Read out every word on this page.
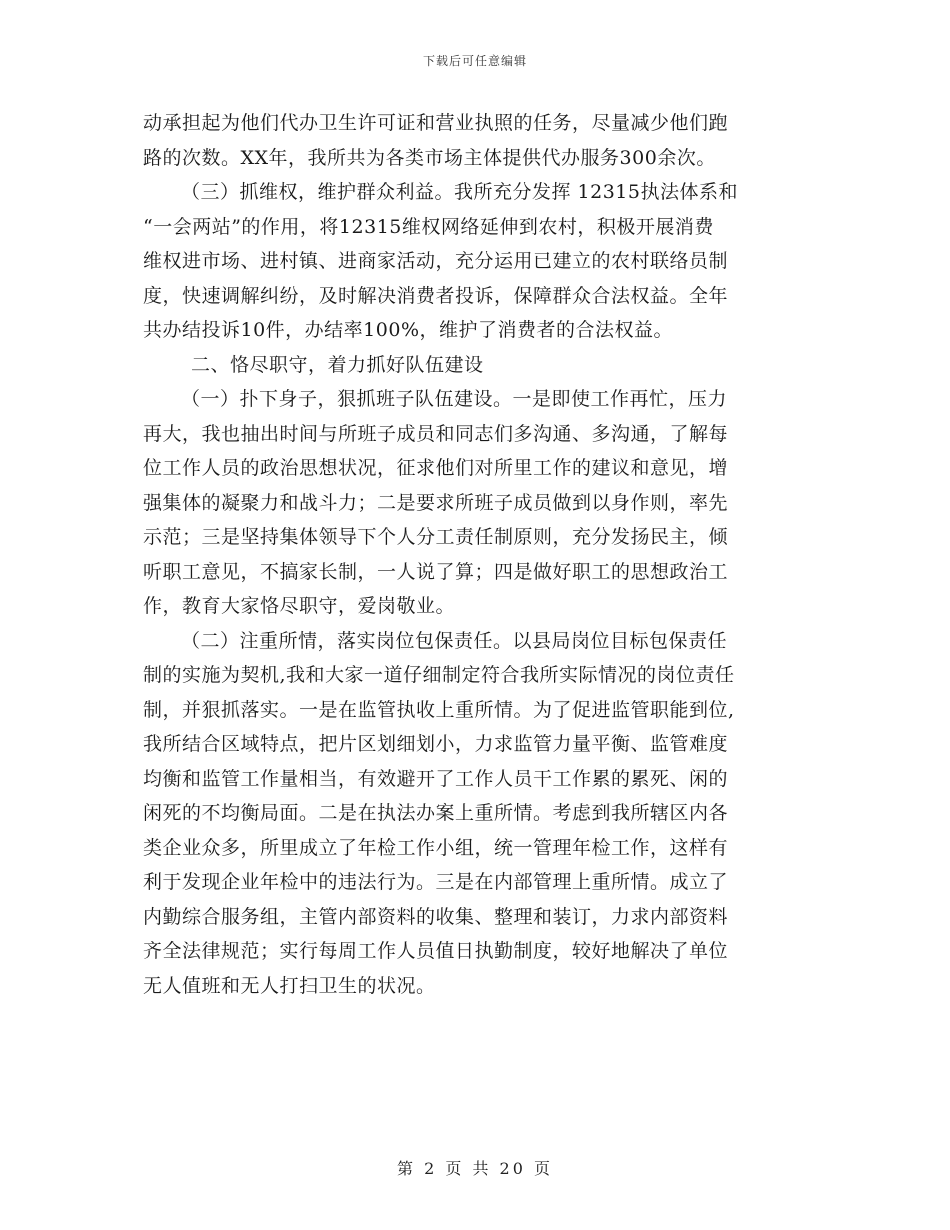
下载后可任意编辑
动承担起为他们代办卫生许可证和营业执照的任务，尽量减少他们跑
路的次数。XX年，我所共为各类市场主体提供代办服务300余次。
（三）抓维权，维护群众利益。我所充分发挥 12315执法体系和
“一会两站”的作用，将12315维权网络延伸到农村，积极开展消费
维权进市场、进村镇、进商家活动，充分运用已建立的农村联络员制
度，快速调解纠纷，及时解决消费者投诉，保障群众合法权益。全年
共办结投诉10件，办结率100%，维护了消费者的合法权益。
二、恪尽职守，着力抓好队伍建设
（一）扑下身子，狠抓班子队伍建设。一是即使工作再忙，压力
再大，我也抽出时间与所班子成员和同志们多沟通、多沟通，了解每
位工作人员的政治思想状况，征求他们对所里工作的建议和意见，增
强集体的凝聚力和战斗力；二是要求所班子成员做到以身作则，率先
示范；三是坚持集体领导下个人分工责任制原则，充分发扬民主，倾
听职工意见，不搞家长制，一人说了算；四是做好职工的思想政治工
作，教育大家恪尽职守，爱岗敬业。
（二）注重所情，落实岗位包保责任。以县局岗位目标包保责任
制的实施为契机,我和大家一道仔细制定符合我所实际情况的岗位责任
制，并狠抓落实。一是在监管执收上重所情。为了促进监管职能到位,
我所结合区域特点，把片区划细划小，力求监管力量平衡、监管难度
均衡和监管工作量相当，有效避开了工作人员干工作累的累死、闲的
闲死的不均衡局面。二是在执法办案上重所情。考虑到我所辖区内各
类企业众多，所里成立了年检工作小组，统一管理年检工作，这样有
利于发现企业年检中的违法行为。三是在内部管理上重所情。成立了
内勤综合服务组，主管内部资料的收集、整理和装订，力求内部资料
齐全法律规范；实行每周工作人员值日执勤制度，较好地解决了单位
无人值班和无人打扫卫生的状况。
第 2 页 共 20 页
